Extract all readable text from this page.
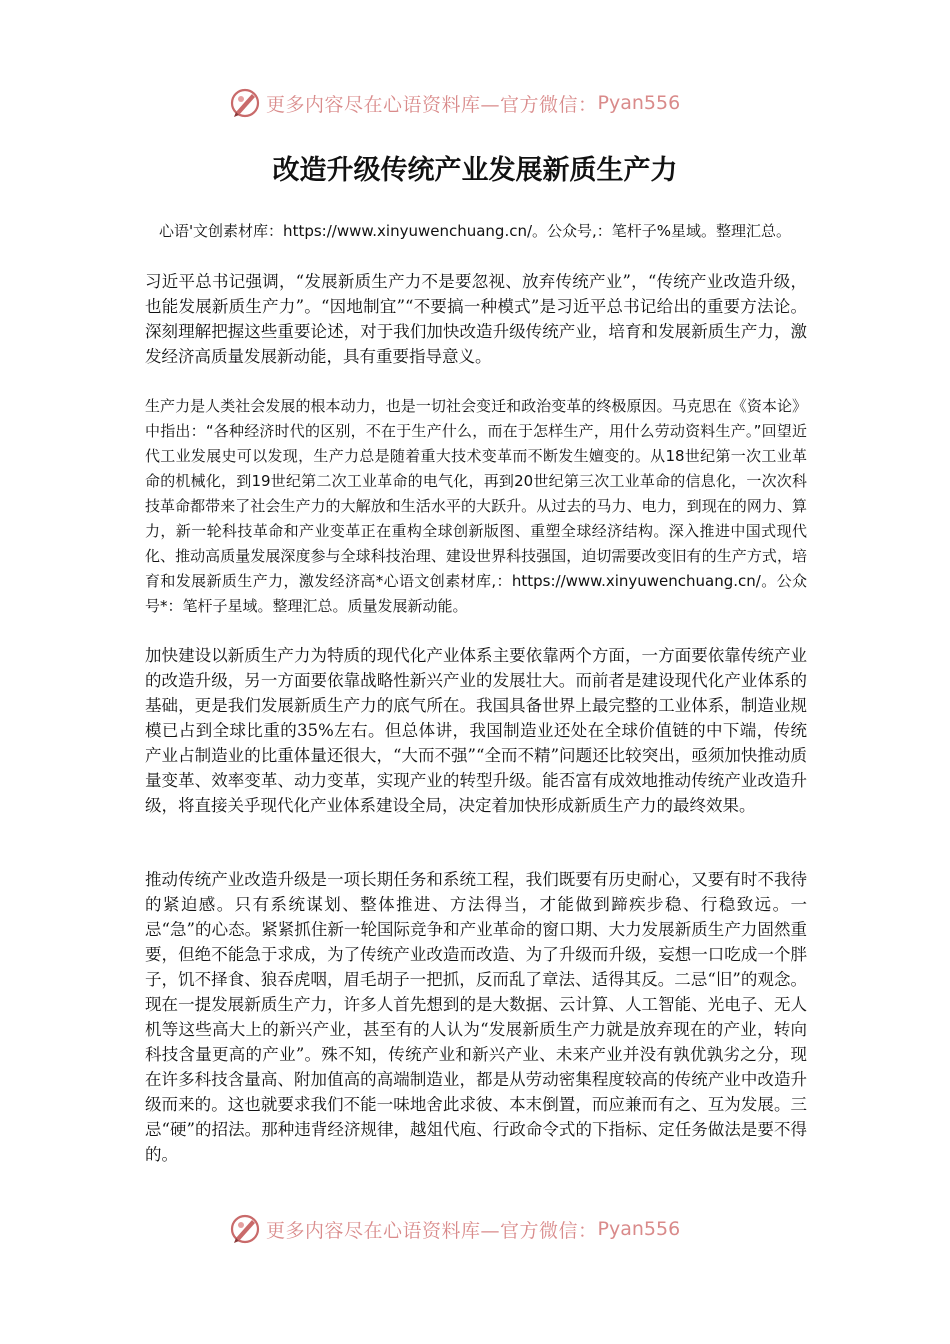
更多内容尽在心语资料库—官方微信： Pyan556
改造升级传统产业发展新质生产力
心语'文创素材库：https://www.xinyuwenchuang.cn/。公众号,：笔杆子%星域。整理汇总。

习近平总书记强调，“发展新质生产力不是要忽视、放弃传统产业”，“传统产业改造升级，也能发展新质生产力”。“因地制宜”“不要搞一种模式”是习近平总书记给出的重要方法论。深刻理解把握这些重要论述，对于我们加快改造升级传统产业，培育和发展新质生产力，激发经济高质量发展新动能，具有重要指导意义。

生产力是人类社会发展的根本动力，也是一切社会变迁和政治变革的终极原因。马克思在《资本论》中指出：“各种经济时代的区别，不在于生产什么，而在于怎样生产，用什么劳动资料生产。”回望近代工业发展史可以发现，生产力总是随着重大技术变革而不断发生嬗变的。从18世纪第一次工业革命的机械化，到19世纪第二次工业革命的电气化，再到20世纪第三次工业革命的信息化，一次次科技革命都带来了社会生产力的大解放和生活水平的大跃升。从过去的马力、电力，到现在的网力、算力，新一轮科技革命和产业变革正在重构全球创新版图、重塑全球经济结构。深入推进中国式现代化、推动高质量发展深度参与全球科技治理、建设世界科技强国，迫切需要改变旧有的生产方式，培育和发展新质生产力，激发经济高*心语文创素材库,：https://www.xinyuwenchuang.cn/。公众号*：笔杆子星域。整理汇总。质量发展新动能。

加快建设以新质生产力为特质的现代化产业体系主要依靠两个方面，一方面要依靠传统产业的改造升级，另一方面要依靠战略性新兴产业的发展壮大。而前者是建设现代化产业体系的基础，更是我们发展新质生产力的底气所在。我国具备世界上最完整的工业体系，制造业规模已占到全球比重的35%左右。但总体讲，我国制造业还处在全球价值链的中下端，传统产业占制造业的比重体量还很大，“大而不强”“全而不精”问题还比较突出，亟须加快推动质量变革、效率变革、动力变革，实现产业的转型升级。能否富有成效地推动传统产业改造升级，将直接关乎现代化产业体系建设全局，决定着加快形成新质生产力的最终效果。

推动传统产业改造升级是一项长期任务和系统工程，我们既要有历史耐心，又要有时不我待的紧迫感。只有系统谋划、整体推进、方法得当，才能做到蹄疾步稳、行稳致远。一忌“急”的心态。紧紧抓住新一轮国际竞争和产业革命的窗口期、大力发展新质生产力固然重要，但绝不能急于求成，为了传统产业改造而改造、为了升级而升级，妄想一口吃成一个胖子，饥不择食、狼吞虎咽，眉毛胡子一把抓，反而乱了章法、适得其反。二忌“旧”的观念。现在一提发展新质生产力，许多人首先想到的是大数据、云计算、人工智能、光电子、无人机等这些高大上的新兴产业，甚至有的人认为“发展新质生产力就是放弃现在的产业，转向科技含量更高的产业”。殊不知，传统产业和新兴产业、未来产业并没有孰优孰劣之分，现在许多科技含量高、附加值高的高端制造业，都是从劳动密集程度较高的传统产业中改造升级而来的。这也就要求我们不能一味地舍此求彼、本末倒置，而应兼而有之、互为发展。三忌“硬”的招法。那种违背经济规律，越俎代庖、行政命令式的下指标、定任务做法是要不得的。

更多内容尽在心语资料库—官方微信： Pyan556
